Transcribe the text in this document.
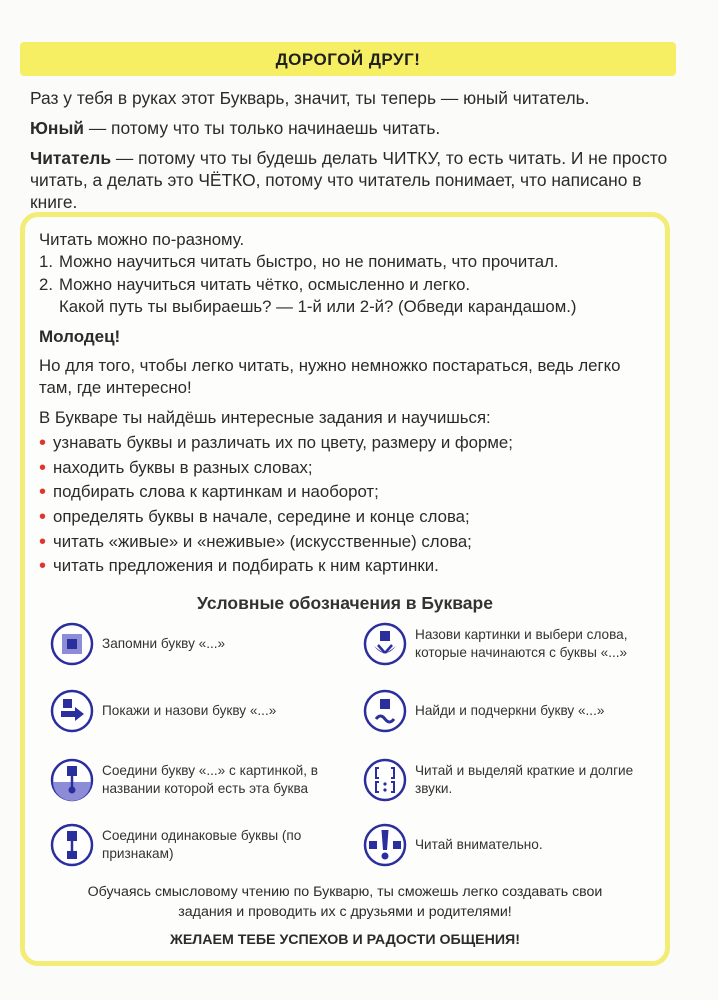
ДОРОГОЙ ДРУГ!

Раз у тебя в руках этот Букварь, значит, ты теперь — юный читатель.

Юный — потому что ты только начинаешь читать.

Читатель — потому что ты будешь делать ЧИТКУ, то есть читать. И не просто читать, а делать это ЧЁТКО, потому что читатель понимает, что написано в книге.

Читать можно по-разному.

1. Можно научиться читать быстро, но не понимать, что прочитал.
2. Можно научиться читать чётко, осмысленно и легко.
Какой путь ты выбираешь? — 1-й или 2-й? (Обведи карандашом.)

Молодец!

Но для того, чтобы легко читать, нужно немножко постараться, ведь легко там, где интересно!

В Букваре ты найдёшь интересные задания и научишься:

• узнавать буквы и различать их по цвету, размеру и форме;
• находить буквы в разных словах;
• подбирать слова к картинкам и наоборот;
• определять буквы в начале, середине и конце слова;
• читать «живые» и «неживые» (искусственные) слова;
• читать предложения и подбирать к ним картинки.
Условные обозначения в Букваре
Запомни букву «...»
Назови картинки и выбери слова, которые начинаются с буквы «...»
Покажи и назови букву «...»	Найди и подчеркни букву «...»
Соедини букву «...» с картинкой, в названии которой есть эта буква
Читай и выделяй краткие и долгие звуки.
Соедини одинаковые буквы (по признакам)
Читай внимательно.
Обучаясь смысловому чтению по Букварю, ты сможешь легко создавать свои задания и проводить их с друзьями и родителями!
ЖЕЛАЕМ ТЕБЕ УСПЕХОВ И РАДОСТИ ОБЩЕНИЯ!
